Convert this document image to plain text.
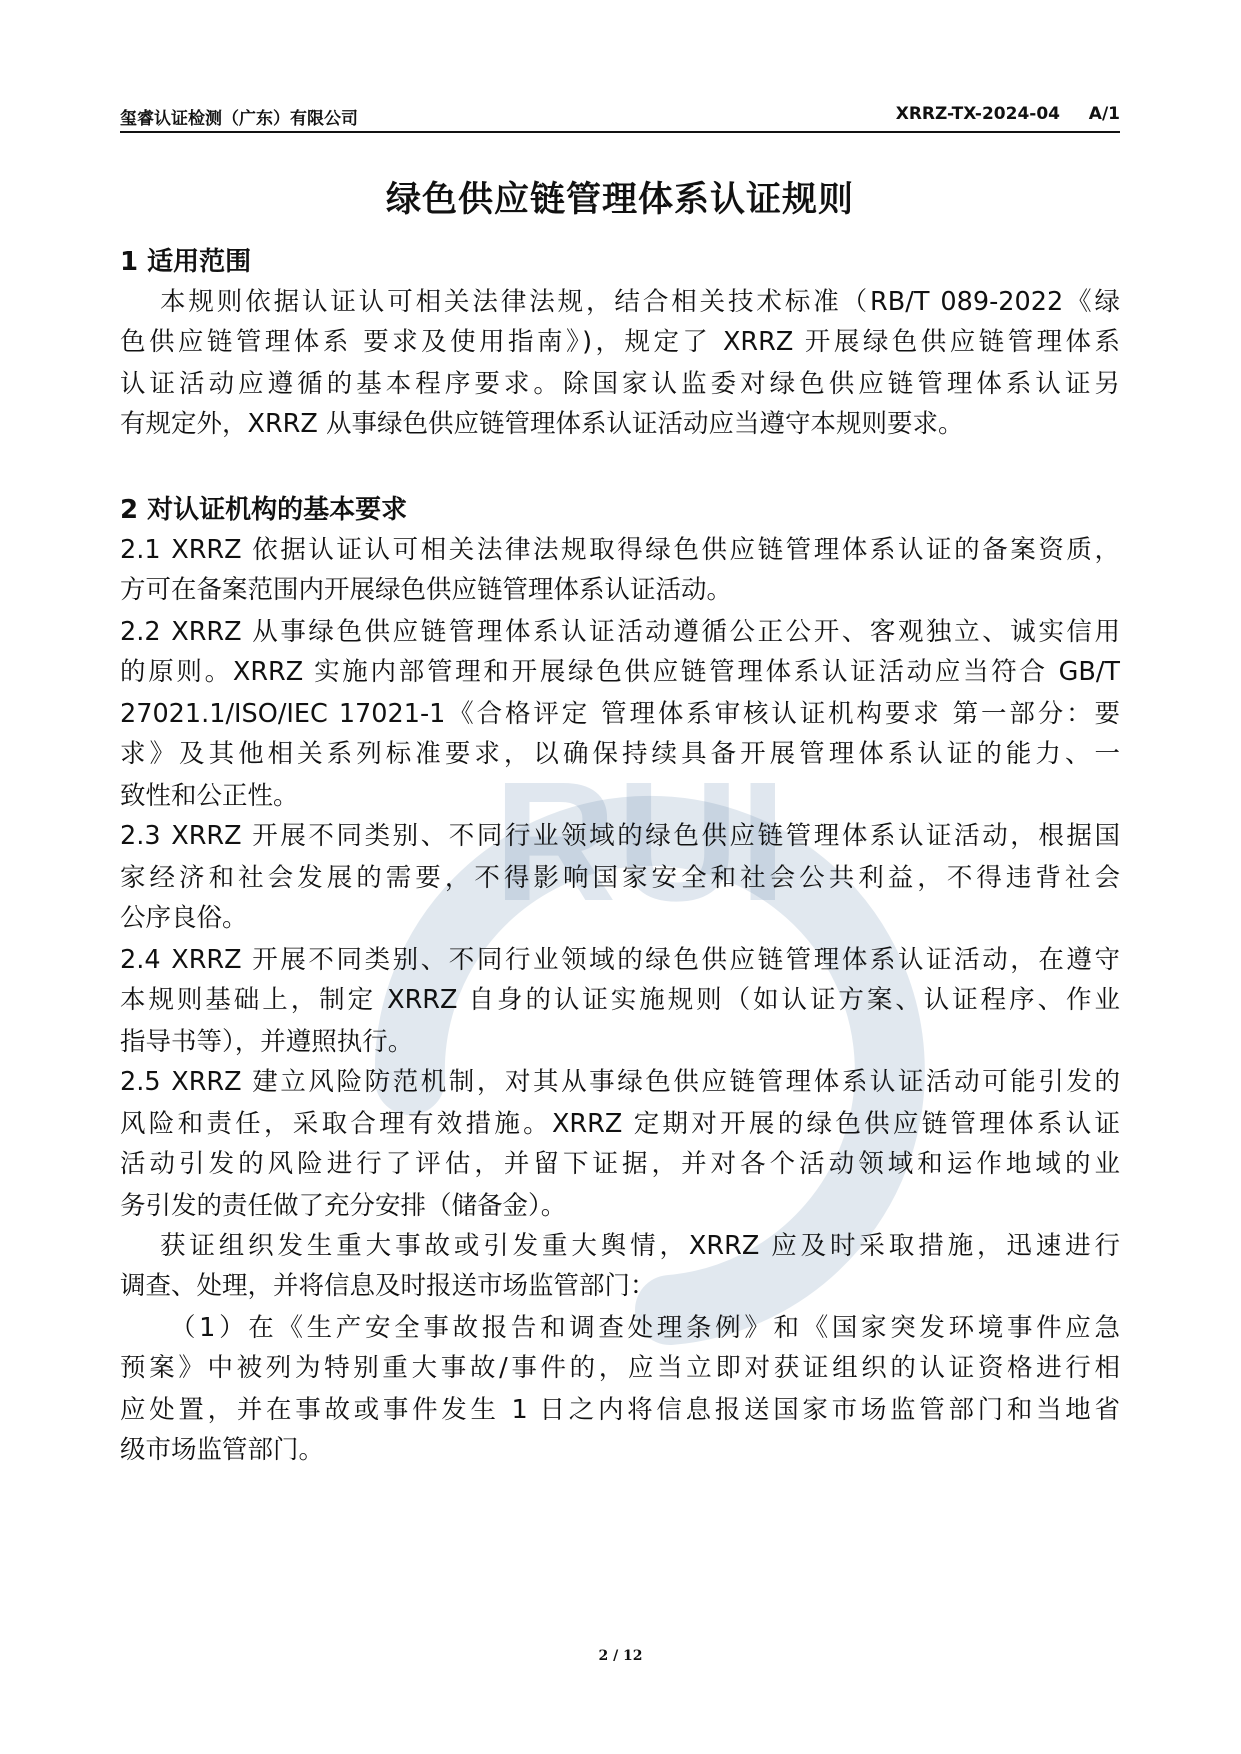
RUI
玺睿认证检测（广东）有限公司	XRRZ-TX-2024-04 A/1
绿色供应链管理体系认证规则
1 适用范围
本规则依据认证认可相关法律法规，结合相关技术标准（RB/T 089-2022《绿
色供应链管理体系 要求及使用指南》)，规定了 XRRZ 开展绿色供应链管理体系
认证活动应遵循的基本程序要求。除国家认监委对绿色供应链管理体系认证另
有规定外，XRRZ 从事绿色供应链管理体系认证活动应当遵守本规则要求。
2 对认证机构的基本要求
2.1 XRRZ 依据认证认可相关法律法规取得绿色供应链管理体系认证的备案资质，
方可在备案范围内开展绿色供应链管理体系认证活动。
2.2 XRRZ 从事绿色供应链管理体系认证活动遵循公正公开、客观独立、诚实信用
的原则。XRRZ 实施内部管理和开展绿色供应链管理体系认证活动应当符合 GB/T
27021.1/ISO/IEC 17021-1《合格评定 管理体系审核认证机构要求 第一部分：要
求》及其他相关系列标准要求，以确保持续具备开展管理体系认证的能力、一
致性和公正性。
2.3 XRRZ 开展不同类别、不同行业领域的绿色供应链管理体系认证活动，根据国
家经济和社会发展的需要，不得影响国家安全和社会公共利益，不得违背社会
公序良俗。
2.4 XRRZ 开展不同类别、不同行业领域的绿色供应链管理体系认证活动，在遵守
本规则基础上，制定 XRRZ 自身的认证实施规则（如认证方案、认证程序、作业
指导书等），并遵照执行。
2.5 XRRZ 建立风险防范机制，对其从事绿色供应链管理体系认证活动可能引发的
风险和责任，采取合理有效措施。XRRZ 定期对开展的绿色供应链管理体系认证
活动引发的风险进行了评估，并留下证据，并对各个活动领域和运作地域的业
务引发的责任做了充分安排（储备金）。
获证组织发生重大事故或引发重大舆情，XRRZ 应及时采取措施，迅速进行
调查、处理，并将信息及时报送市场监管部门：
（1）在《生产安全事故报告和调查处理条例》和《国家突发环境事件应急
预案》中被列为特别重大事故/事件的，应当立即对获证组织的认证资格进行相
应处置，并在事故或事件发生 1 日之内将信息报送国家市场监管部门和当地省
级市场监管部门。
2 / 12
